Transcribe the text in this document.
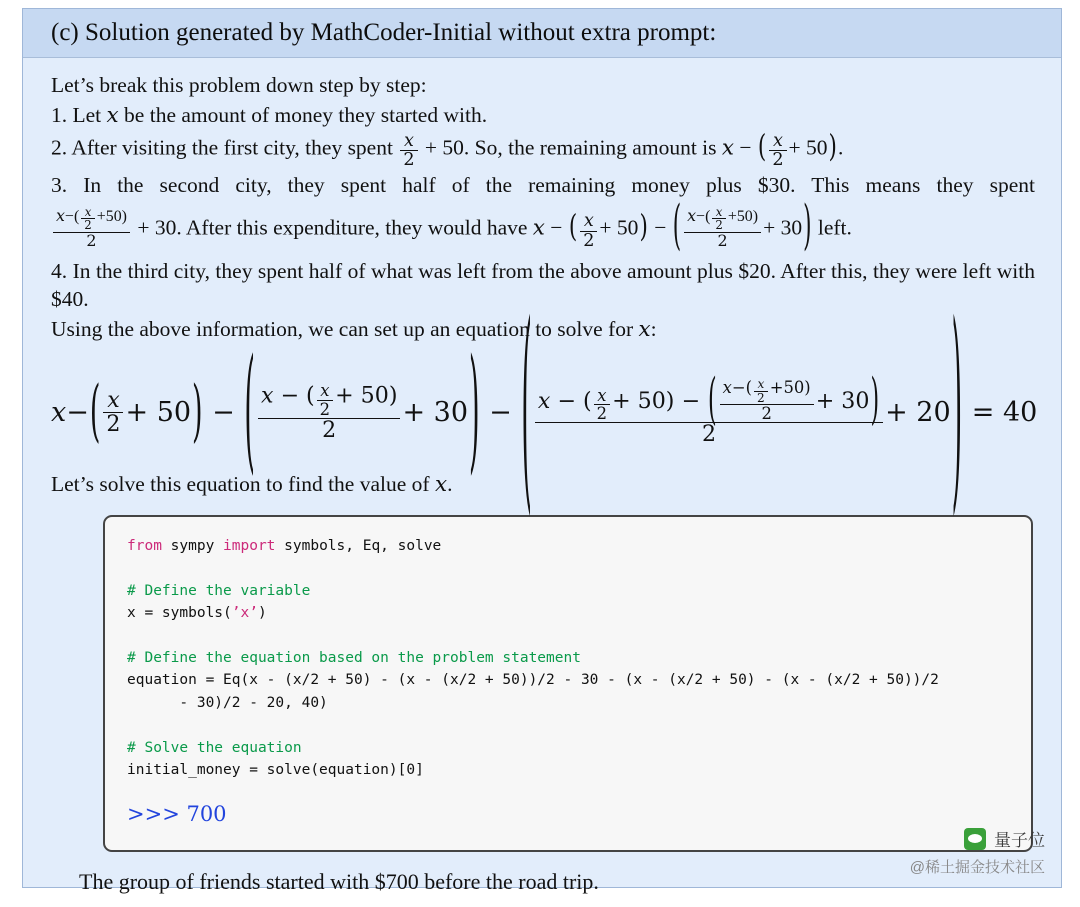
(c) Solution generated by MathCoder-Initial without extra prompt:
Let’s break this problem down step by step:
1. Let x be the amount of money they started with.
2. After visiting the first city, they spent $\frac{x}{2} + 50$. So, the remaining amount is x − ( $\frac{x}{2} + 50$).
3. In the second city, they spent half of the remaining money plus $30. This means they spent
$\frac{x-( \frac{x}{2} +50)}{2} + 30$. After this expenditure, they would have x − ( $\frac{x}{2} + 50$) − ( $\frac{x-( \frac{x}{2} +50)}{2} + 30$) left.
4. In the third city, they spent half of what was left from the above amount plus $20. After this, they were left with $40.
Using the above information, we can set up an equation to solve for x:
x − ( $\frac{x}{2} + 50$ ) − ( $\frac{x - ( \frac{x}{2} + 50)}{2} + 30$ ) − ( $\frac{x - ( \frac{x}{2} + 50) - ( \frac{x-( \frac{x}{2} +50)}{2} + 30)}{2} + 20$ )
= 40
Let’s solve this equation to find the value of x.
from sympy import symbols, Eq, solve

# Define the variable
x = symbols(’x’)

# Define the equation based on the problem statement
equation = Eq(x - (x/2 + 50) - (x - (x/2 + 50))/2 - 30 - (x - (x/2 + 50) - (x - (x/2 + 50))/2
- 30)/2 - 20, 40)

# Solve the equation
initial_money = solve(equation)[0]
>>> 700
The group of friends started with $700 before the road trip.
量子位
@稀土掘金技术社区
